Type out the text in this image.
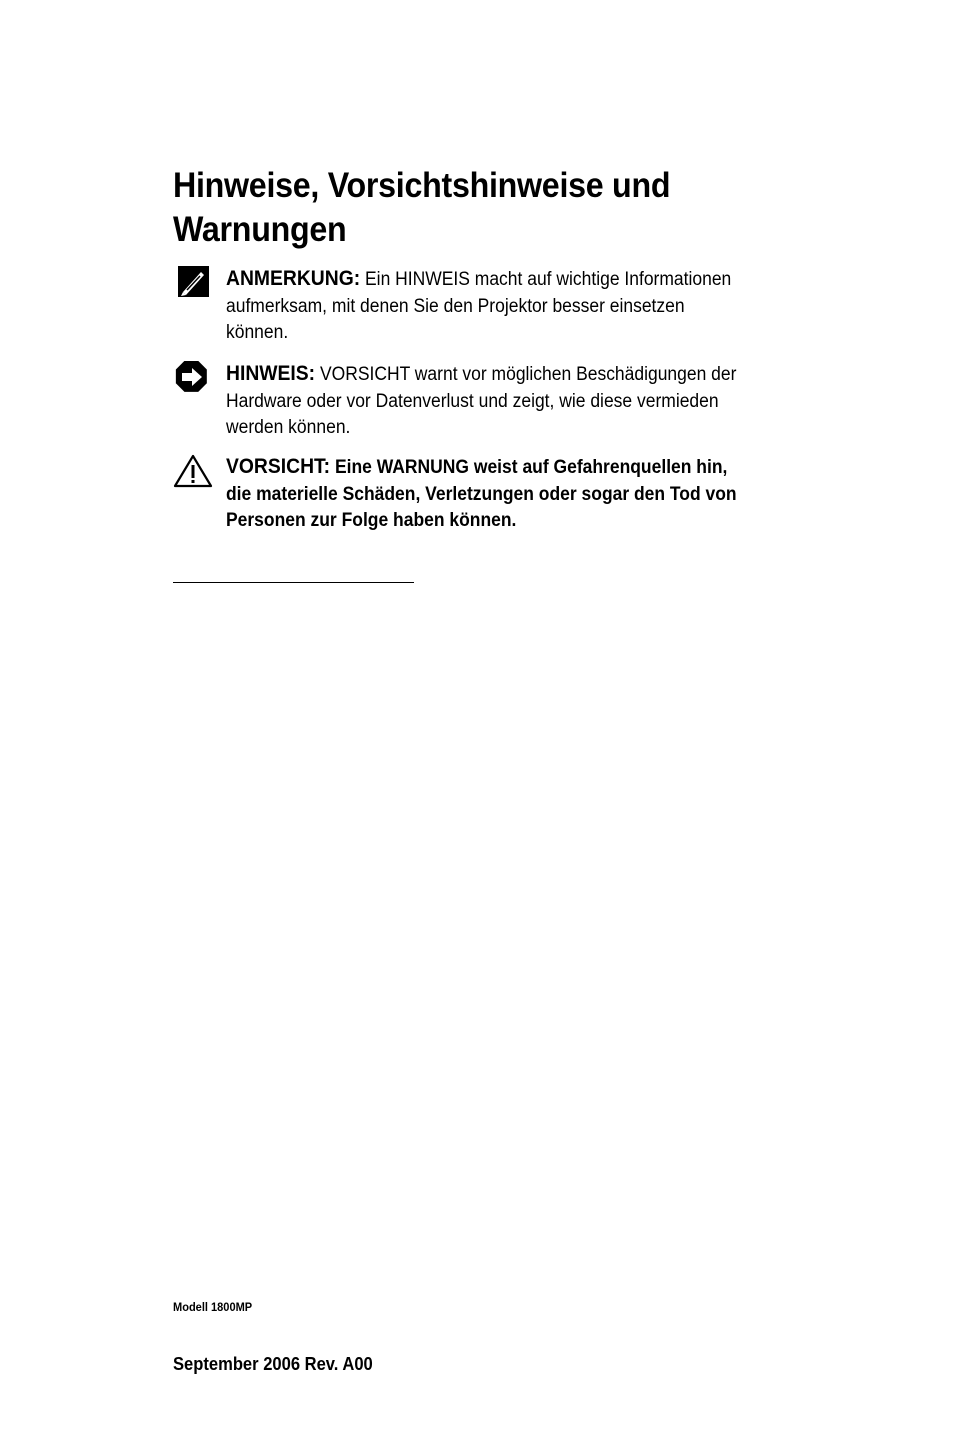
Hinweise, Vorsichtshinweise und Warnungen
ANMERKUNG: Ein HINWEIS macht auf wichtige Informationen aufmerksam, mit denen Sie den Projektor besser einsetzen können.
HINWEIS: VORSICHT warnt vor möglichen Beschädigungen der Hardware oder vor Datenverlust und zeigt, wie diese vermieden werden können.
VORSICHT: Eine WARNUNG weist auf Gefahrenquellen hin, die materielle Schäden, Verletzungen oder sogar den Tod von Personen zur Folge haben können.
Modell 1800MP
September 2006 Rev. A00
